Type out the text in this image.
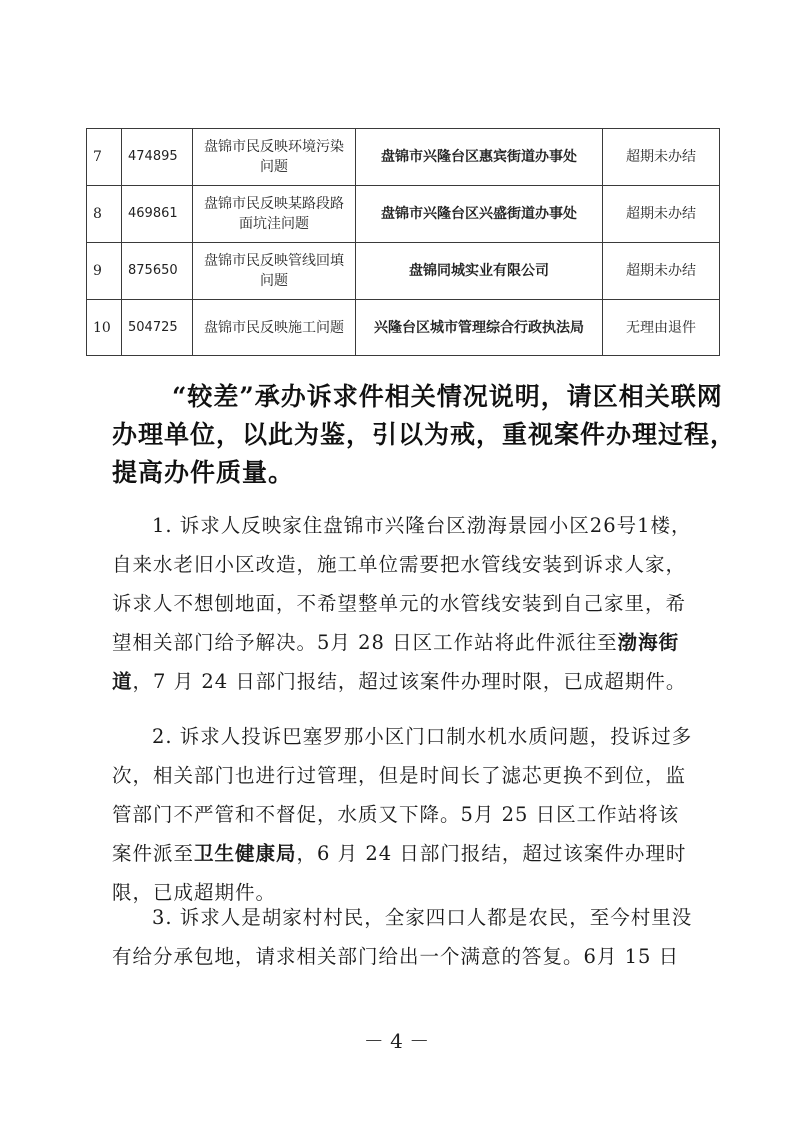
7	474895	盘锦市民反映环境污染问题	盘锦市兴隆台区惠宾街道办事处	超期未办结
8	469861	盘锦市民反映某路段路面坑洼问题	盘锦市兴隆台区兴盛街道办事处	超期未办结
9	875650	盘锦市民反映管线回填问题	盘锦同城实业有限公司	超期未办结
10	504725	盘锦市民反映施工问题	兴隆台区城市管理综合行政执法局	无理由退件
“较差”承办诉求件相关情况说明，请区相关联网
办理单位，以此为鉴，引以为戒，重视案件办理过程，
提高办件质量。
1. 诉求人反映家住盘锦市兴隆台区渤海景园小区26号1楼，
自来水老旧小区改造，施工单位需要把水管线安装到诉求人家，
诉求人不想刨地面，不希望整单元的水管线安装到自己家里，希
望相关部门给予解决。5月 28 日区工作站将此件派往至渤海街
道，7 月 24 日部门报结，超过该案件办理时限，已成超期件。
2. 诉求人投诉巴塞罗那小区门口制水机水质问题，投诉过多
次，相关部门也进行过管理，但是时间长了滤芯更换不到位，监
管部门不严管和不督促，水质又下降。5月 25 日区工作站将该
案件派至卫生健康局，6 月 24 日部门报结，超过该案件办理时
限，已成超期件。
3. 诉求人是胡家村村民，全家四口人都是农民，至今村里没
有给分承包地，请求相关部门给出一个满意的答复。6月 15 日
－ 4 －
